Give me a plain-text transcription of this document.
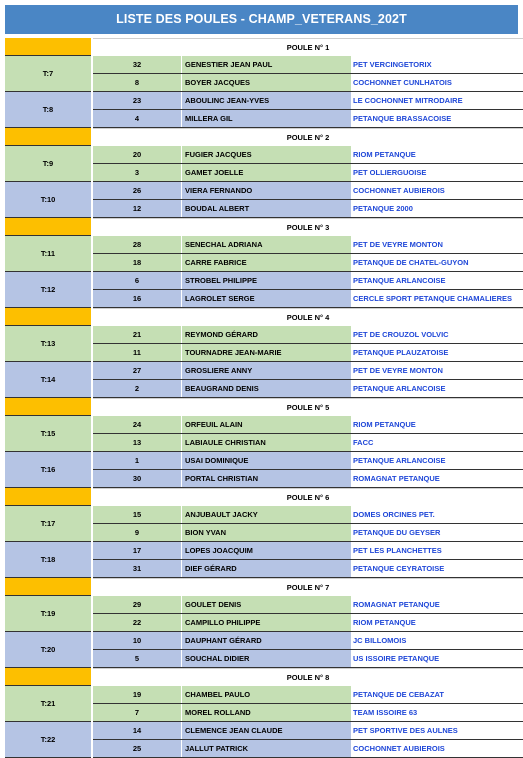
LISTE DES POULES - CHAMP_VETERANS_202T
POULE N° 1
T:7
32	GENESTIER JEAN PAUL	PET VERCINGETORIX
8	BOYER JACQUES	COCHONNET CUNLHATOIS
T:8
23	ABOULINC JEAN-YVES	LE COCHONNET MITRODAIRE
4	MILLERA GIL	PETANQUE BRASSACOISE
POULE N° 2
T:9
20	FUGIER JACQUES	RIOM PETANQUE
3	GAMET JOELLE	PET OLLIERGUOISE
T:10
26	VIERA FERNANDO	COCHONNET AUBIEROIS
12	BOUDAL ALBERT	PETANQUE 2000
POULE N° 3
T:11
28	SENECHAL ADRIANA	PET DE VEYRE MONTON
18	CARRE FABRICE	PETANQUE DE CHATEL-GUYON
T:12
6	STROBEL PHILIPPE	PETANQUE ARLANCOISE
16	LAGROLET SERGE	CERCLE SPORT PETANQUE CHAMALIERES
POULE N° 4
T:13
21	REYMOND GÉRARD	PET DE CROUZOL VOLVIC
11	TOURNADRE JEAN-MARIE	PETANQUE PLAUZATOISE
T:14
27	GROSLIERE ANNY	PET DE VEYRE MONTON
2	BEAUGRAND DENIS	PETANQUE ARLANCOISE
POULE N° 5
T:15
24	ORFEUIL ALAIN	RIOM PETANQUE
13	LABIAULE CHRISTIAN	FACC
T:16
1	USAI DOMINIQUE	PETANQUE ARLANCOISE
30	PORTAL CHRISTIAN	ROMAGNAT PETANQUE
POULE N° 6
T:17
15	ANJUBAULT JACKY	DOMES ORCINES PET.
9	BION YVAN	PETANQUE DU GEYSER
T:18
17	LOPES JOACQUIM	PET LES PLANCHETTES
31	DIEF GÉRARD	PETANQUE CEYRATOISE
POULE N° 7
T:19
29	GOULET DENIS	ROMAGNAT PETANQUE
22	CAMPILLO PHILIPPE	RIOM PETANQUE
T:20
10	DAUPHANT GÉRARD	JC BILLOMOIS
5	SOUCHAL DIDIER	US ISSOIRE PETANQUE
POULE N° 8
T:21
19	CHAMBEL PAULO	PETANQUE DE CEBAZAT
7	MOREL ROLLAND	TEAM ISSOIRE 63
T:22
14	CLEMENCE JEAN CLAUDE	PET SPORTIVE DES AULNES
25	JALLUT PATRICK	COCHONNET AUBIEROIS
